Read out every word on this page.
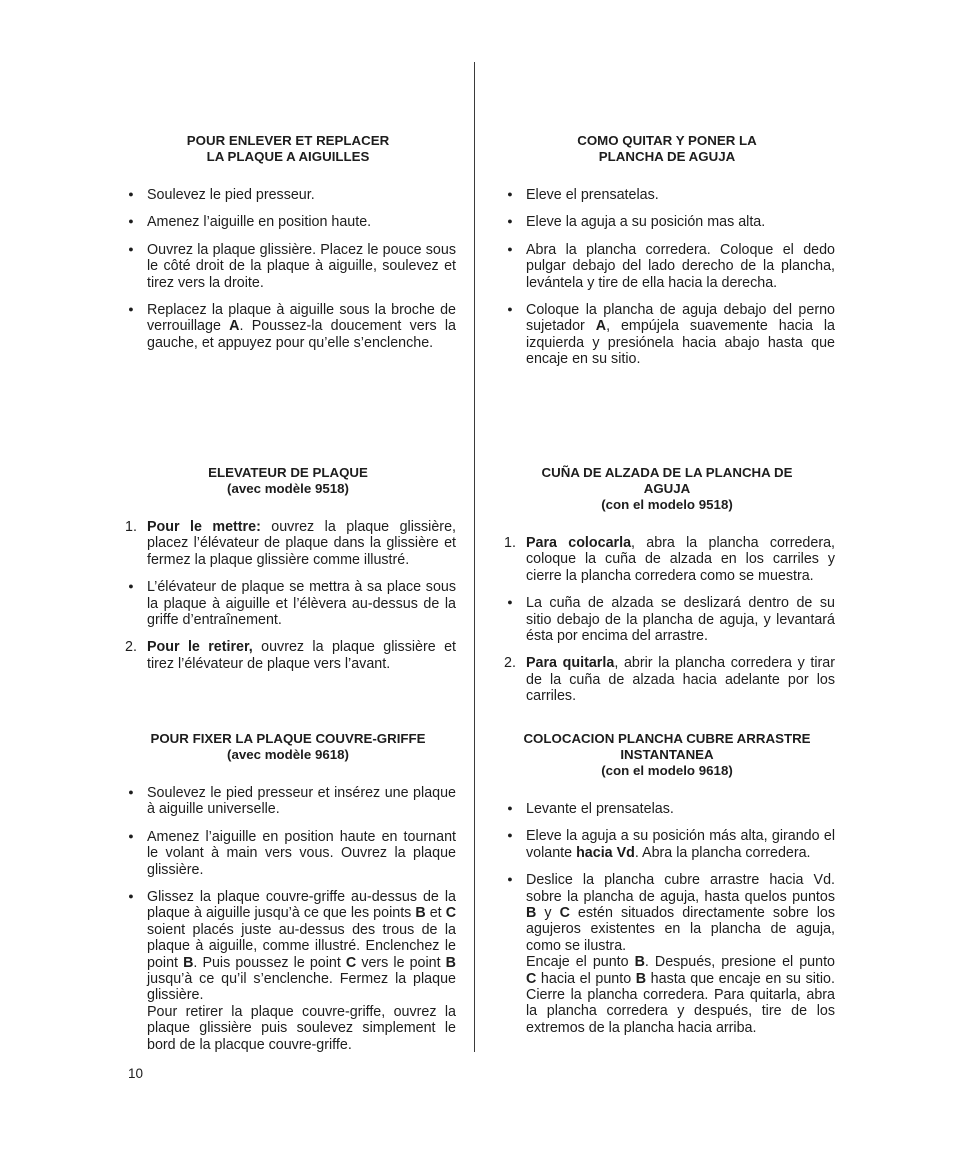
POUR ENLEVER ET REPLACER
LA PLAQUE A AIGUILLES
●
Soulevez le pied presseur.
●
Amenez l’aiguille en position haute.
●
Ouvrez la plaque glissière. Placez le pouce sous le côté droit de la plaque à aiguille, soulevez et tirez vers la droite.
●
Replacez la plaque à aiguille sous la broche de verrouillage A. Poussez-la doucement vers la gauche, et appuyez pour qu’elle s’enclenche.
ELEVATEUR DE PLAQUE
(avec modèle 9518)
1. Pour le mettre: ouvrez la plaque glissière, placez l’élévateur de plaque dans la glissière et fermez la plaque glissière comme illustré.
●
L’élévateur de plaque se mettra à sa place sous la plaque à aiguille et l’élèvera au-dessus de la griffe d’entraînement.
2. Pour le retirer, ouvrez la plaque glissière et tirez l’élévateur de plaque vers l’avant.
POUR FIXER LA PLAQUE COUVRE-GRIFFE
(avec modèle 9618)
●
Soulevez le pied presseur et insérez une plaque à aiguille universelle.
●
Amenez l’aiguille en position haute en tournant le volant à main vers vous. Ouvrez la plaque glissière.
●
Glissez la plaque couvre-griffe au-dessus de la plaque à aiguille jusqu’à ce que les points B et C soient placés juste au-dessus des trous de la plaque à aiguille, comme illustré. Enclenchez le point B. Puis poussez le point C vers le point B jusqu’à ce qu’il s’enclenche. Fermez la plaque glissière.
Pour retirer la plaque couvre-griffe, ouvrez la plaque glissière puis soulevez simplement le bord de la placque couvre-griffe.
COMO QUITAR Y PONER LA
PLANCHA DE AGUJA
●
Eleve el prensatelas.
●
Eleve la aguja a su posición mas alta.
●
Abra la plancha corredera. Coloque el dedo pulgar debajo del lado derecho de la plancha, levántela y tire de ella hacia la derecha.
●
Coloque la plancha de aguja debajo del perno sujetador A, empújela suavemente hacia la izquierda y presiónela hacia abajo hasta que encaje en su sitio.
CUÑA DE ALZADA DE LA PLANCHA DE
AGUJA
(con el modelo 9518)
1. Para colocarla, abra la plancha corredera, coloque la cuña de alzada en los carriles y cierre la plancha corredera como se muestra.
●
La cuña de alzada se deslizará dentro de su sitio debajo de la plancha de aguja, y levantará ésta por encima del arrastre.
2. Para quitarla, abrir la plancha corredera y tirar de la cuña de alzada hacia adelante por los carriles.
COLOCACION PLANCHA CUBRE ARRASTRE
INSTANTANEA
(con el modelo 9618)
●
Levante el prensatelas.
●
Eleve la aguja a su posición más alta, girando el volante hacia Vd. Abra la plancha corredera.
●
Deslice la plancha cubre arrastre hacia Vd. sobre la plancha de aguja, hasta quelos puntos B y C estén situados directamente sobre los agujeros existentes en la plancha de aguja, como se ilustra.
Encaje el punto B. Después, presione el punto C hacia el punto B hasta que encaje en su sitio. Cierre la plancha corredera. Para quitarla, abra la plancha corredera y después, tire de los extremos de la plancha hacia arriba.
10
